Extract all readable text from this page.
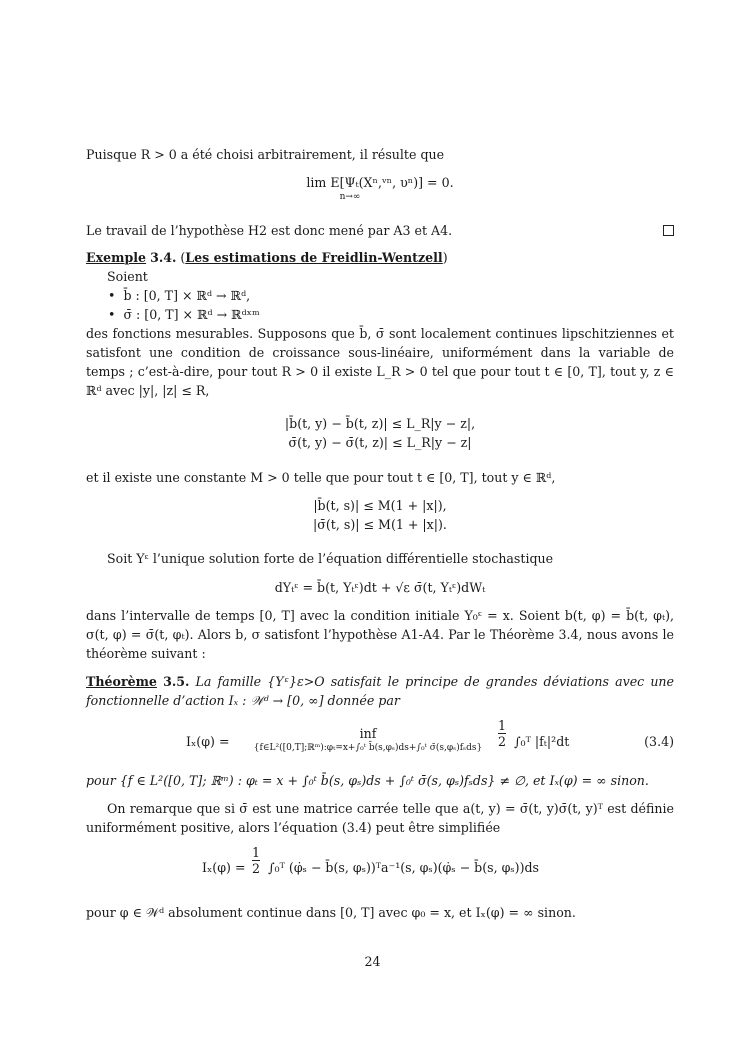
Puisque R > 0 a été choisi arbitrairement, il résulte que

lim E[Ψₜ(Xⁿ,ᵛⁿ, υⁿ)] = 0.
n→∞

Le travail de l’hypothèse H2 est donc mené par A3 et A4.

Exemple 3.4. (Les estimations de Freidlin-Wentzell)

Soient

•  b̄ : [0, T] × ℝᵈ → ℝᵈ,

•  σ̄ : [0, T] × ℝᵈ → ℝᵈˣᵐ

des fonctions mesurables. Supposons que b̄, σ̄ sont localement continues lipschitziennes et satisfont une condition de croissance sous-linéaire, uniformément dans la variable de temps ; c’est-à-dire, pour tout R > 0 il existe L_R > 0 tel que pour tout t ∈ [0, T], tout y, z ∈ ℝᵈ avec |y|, |z| ≤ R,

|b̄(t, y) − b̄(t, z)| ≤ L_R|y − z|,
σ̄(t, y) − σ̄(t, z)| ≤ L_R|y − z|

et il existe une constante M > 0 telle que pour tout t ∈ [0, T], tout y ∈ ℝᵈ,

|b̄(t, s)| ≤ M(1 + |x|),
|σ̄(t, s)| ≤ M(1 + |x|).

Soit Yᵋ l’unique solution forte de l’équation différentielle stochastique

dYₜᵋ = b̄(t, Yₜᵋ)dt + √ε σ̄(t, Yₜᵋ)dWₜ

dans l’intervalle de temps [0, T] avec la condition initiale Y₀ᵋ = x. Soient b(t, φ) = b̄(t, φₜ), σ(t, φ) = σ̄(t, φₜ). Alors b, σ satisfont l’hypothèse A1-A4. Par le Théorème 3.4, nous avons le théorème suivant :

Théorème 3.5. La famille {Yᵋ}ε>O satisfait le principe de grandes déviations avec une fonctionnelle d’action Iₓ : 𝒲ᵈ → [0, ∞] donnée par

Iₓ(φ) =
inf
{f∈L²([0,T];ℝᵐ):φₜ=x+∫₀ᵗ b̄(s,φₛ)ds+∫₀ᵗ σ̄(s,φₛ)fₛds}	$\frac{1}{2}$ ∫₀ᵀ |fₜ|²dt	(3.4)

pour {f ∈ L²([0, T]; ℝᵐ) : φₜ = x + ∫₀ᵗ b̄(s, φₛ)ds + ∫₀ᵗ σ̄(s, φₛ)fₛds} ≠ ∅, et Iₓ(φ) = ∞ sinon.

On remarque que si σ̄ est une matrice carrée telle que a(t, y) = σ̄(t, y)σ̄(t, y)ᵀ est définie uniformément positive, alors l’équation (3.4) peut être simplifiée

$I_x(\varphi) = \frac{1}{2}$ ∫₀ᵀ (φ̇ₛ − b̄(s, φₛ))ᵀa⁻¹(s, φₛ)(φ̇ₛ − b̄(s, φₛ))ds

pour φ ∈ 𝒲ᵈ absolument continue dans [0, T] avec φ₀ = x, et Iₓ(φ) = ∞ sinon.

24
